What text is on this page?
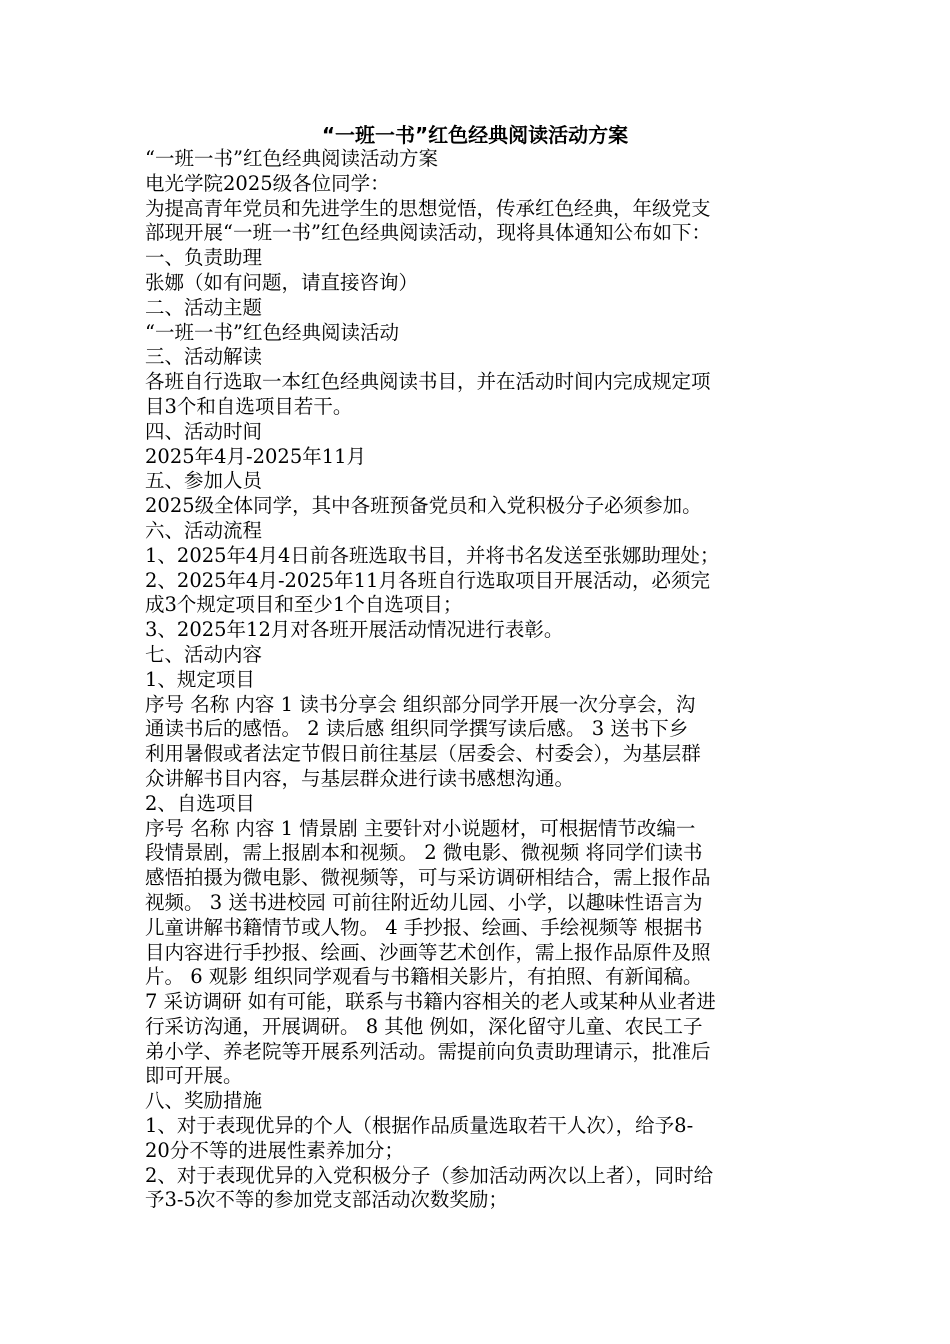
“一班一书”红色经典阅读活动方案
“一班一书”红色经典阅读活动方案
电光学院2025级各位同学：
为提高青年党员和先进学生的思想觉悟，传承红色经典，年级党支
部现开展“一班一书”红色经典阅读活动，现将具体通知公布如下：
一、负责助理
张娜（如有问题，请直接咨询）
二、活动主题
“一班一书”红色经典阅读活动
三、活动解读
各班自行选取一本红色经典阅读书目，并在活动时间内完成规定项
目3个和自选项目若干。
四、活动时间
2025年4月-2025年11月
五、参加人员
2025级全体同学，其中各班预备党员和入党积极分子必须参加。
六、活动流程
1、2025年4月4日前各班选取书目，并将书名发送至张娜助理处；
2、2025年4月-2025年11月各班自行选取项目开展活动，必须完
成3个规定项目和至少1个自选项目；
3、2025年12月对各班开展活动情况进行表彰。
七、活动内容
1、规定项目
序号 名称 内容 1 读书分享会 组织部分同学开展一次分享会，沟
通读书后的感悟。 2 读后感 组织同学撰写读后感。 3 送书下乡
利用暑假或者法定节假日前往基层（居委会、村委会），为基层群
众讲解书目内容，与基层群众进行读书感想沟通。
2、自选项目
序号 名称 内容 1 情景剧 主要针对小说题材，可根据情节改编一
段情景剧，需上报剧本和视频。 2 微电影、微视频 将同学们读书
感悟拍摄为微电影、微视频等，可与采访调研相结合，需上报作品
视频。 3 送书进校园 可前往附近幼儿园、小学，以趣味性语言为
儿童讲解书籍情节或人物。 4 手抄报、绘画、手绘视频等 根据书
目内容进行手抄报、绘画、沙画等艺术创作，需上报作品原件及照
片。 6 观影 组织同学观看与书籍相关影片，有拍照、有新闻稿。
7 采访调研 如有可能，联系与书籍内容相关的老人或某种从业者进
行采访沟通，开展调研。 8 其他 例如，深化留守儿童、农民工子
弟小学、养老院等开展系列活动。需提前向负责助理请示，批准后
即可开展。
八、奖励措施
1、对于表现优异的个人（根据作品质量选取若干人次），给予8-
20分不等的进展性素养加分；
2、对于表现优异的入党积极分子（参加活动两次以上者），同时给
予3-5次不等的参加党支部活动次数奖励；
